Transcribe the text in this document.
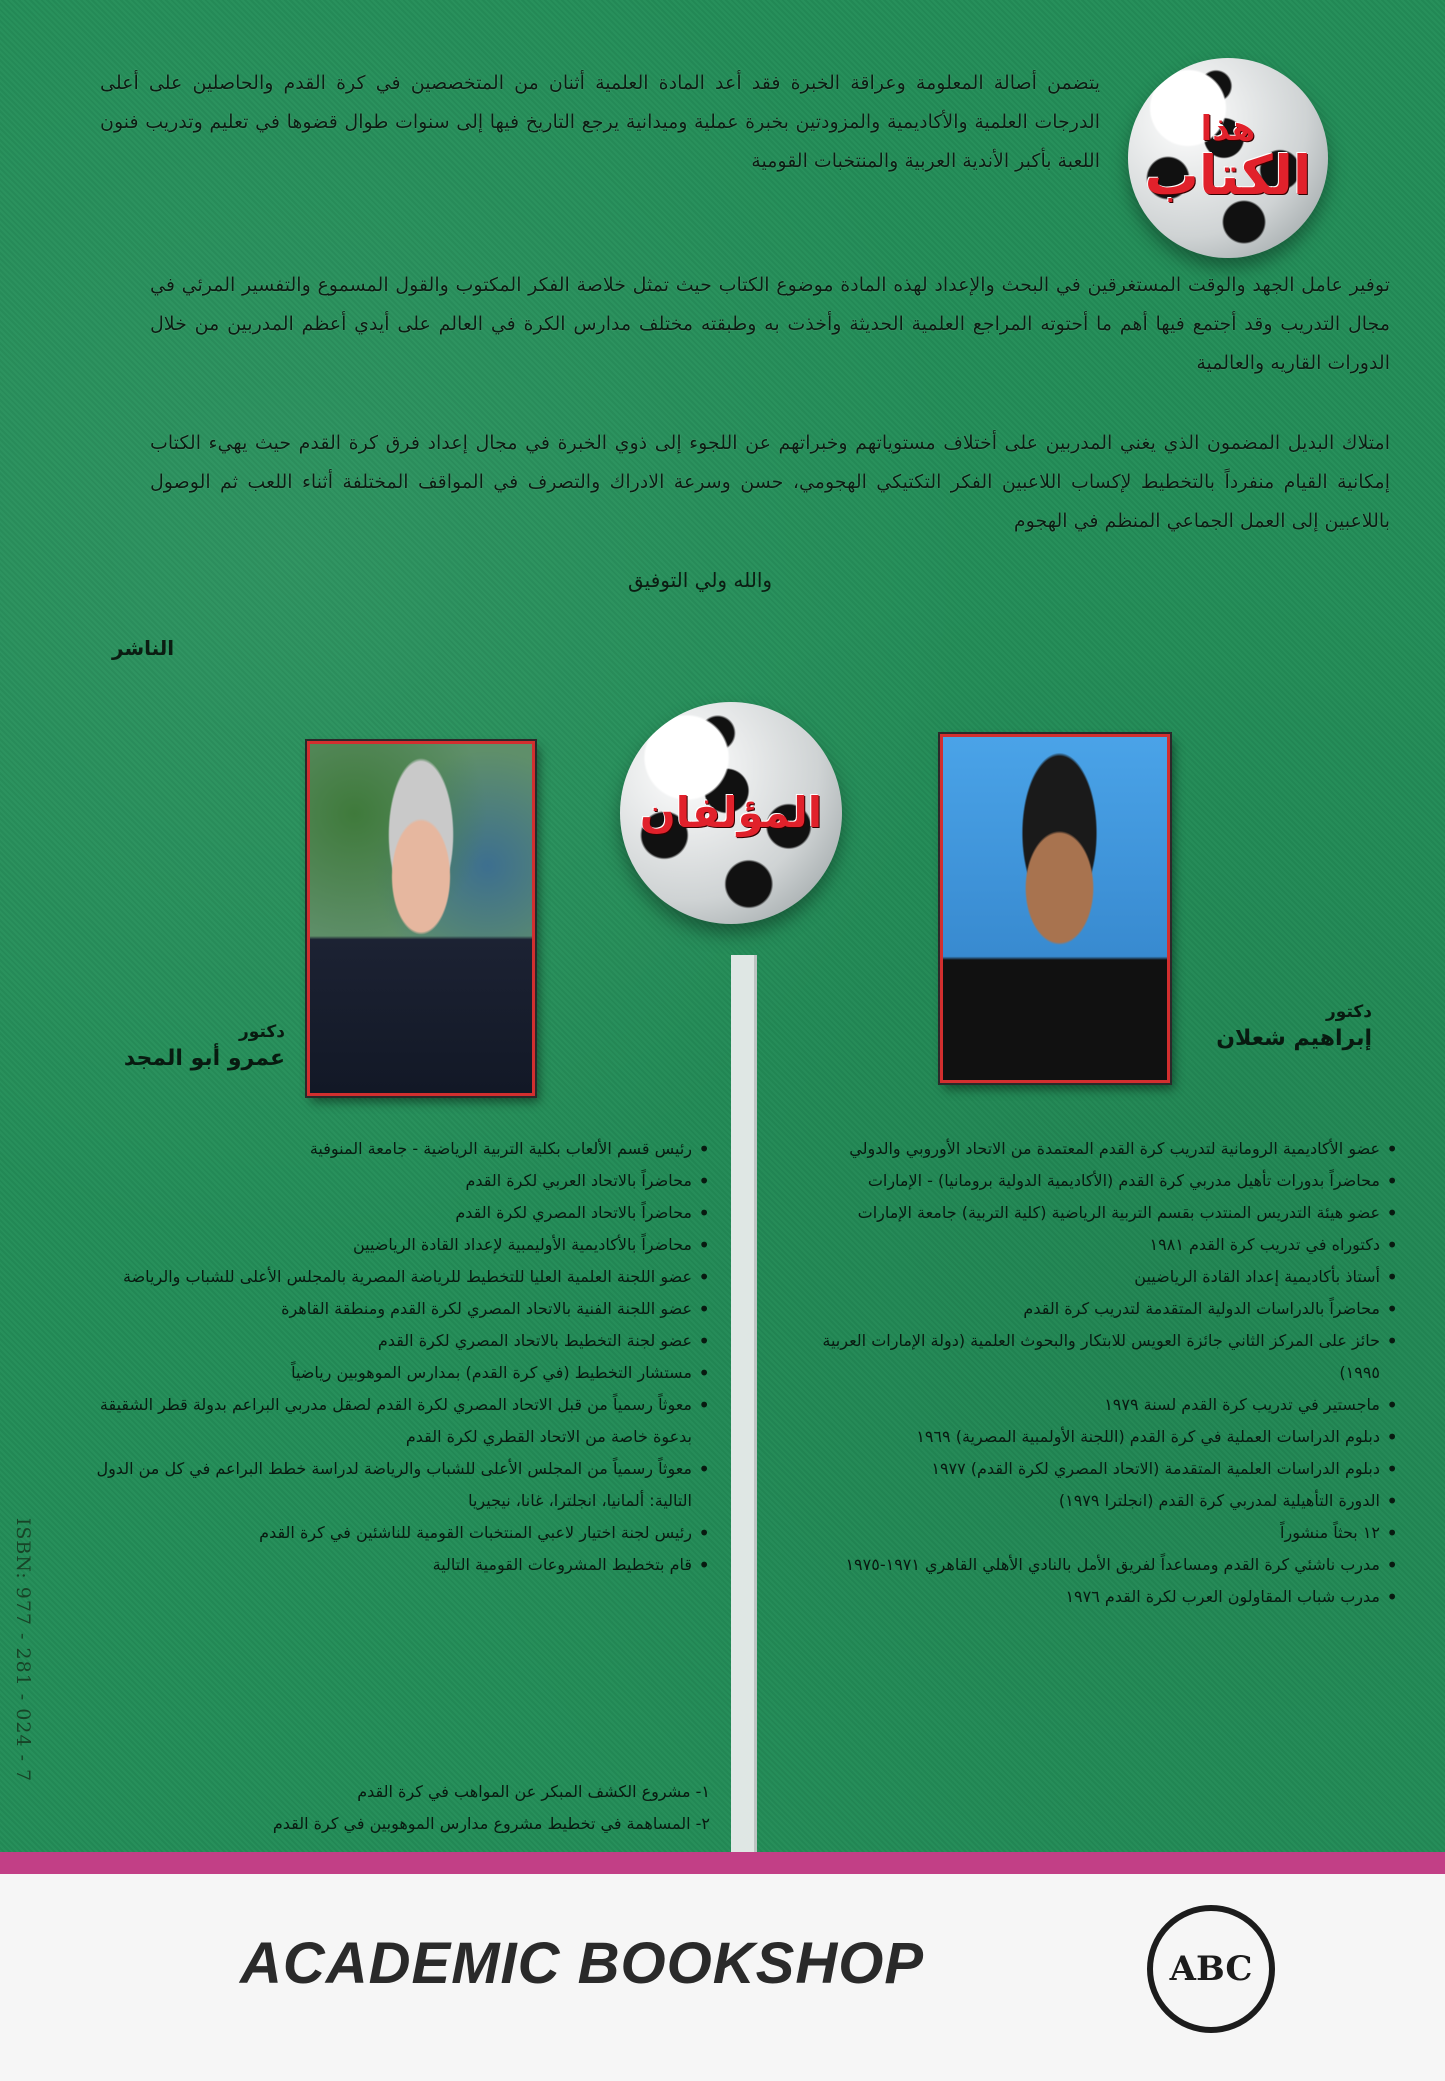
هذا
الكتاب
يتضمن أصالة المعلومة وعراقة الخبرة فقد أعد المادة العلمية أثنان من المتخصصين في كرة القدم والحاصلين على أعلى الدرجات العلمية والأكاديمية والمزودتين بخبرة عملية وميدانية يرجع التاريخ فيها إلى سنوات طوال قضوها في تعليم وتدريب فنون اللعبة بأكبر الأندية العربية والمنتخبات القومية
توفير عامل الجهد والوقت المستغرقين في البحث والإعداد لهذه المادة موضوع الكتاب حيث تمثل خلاصة الفكر المكتوب والقول المسموع والتفسير المرئي في مجال التدريب وقد أجتمع فيها أهم ما أحتوته المراجع العلمية الحديثة وأخذت به وطبقته مختلف مدارس الكرة في العالم على أيدي أعظم المدربين من خلال الدورات القاريه والعالمية
امتلاك البديل المضمون الذي يغني المدربين على أختلاف مستوياتهم وخبراتهم عن اللجوء إلى ذوي الخبرة في مجال إعداد فرق كرة القدم حيث يهيء الكتاب إمكانية القيام منفرداً بالتخطيط لإكساب اللاعبين الفكر التكتيكي الهجومي، حسن وسرعة الادراك والتصرف في المواقف المختلفة أثناء اللعب ثم الوصول باللاعبين إلى العمل الجماعي المنظم في الهجوم
والله ولي التوفيق
الناشر
المؤلفان
دكتور
عمرو أبو المجد
دكتور
إبراهيم شعلان
• رئيس قسم الألعاب بكلية التربية الرياضية - جامعة المنوفية
• محاضراً بالاتحاد العربي لكرة القدم
• محاضراً بالاتحاد المصري لكرة القدم
• محاضراً بالأكاديمية الأوليمبية لإعداد القادة الرياضيين
• عضو اللجنة العلمية العليا للتخطيط للرياضة المصرية بالمجلس الأعلى للشباب والرياضة
• عضو اللجنة الفنية بالاتحاد المصري لكرة القدم ومنطقة القاهرة
• عضو لجنة التخطيط بالاتحاد المصري لكرة القدم
• مستشار التخطيط (في كرة القدم) بمدارس الموهوبين رياضياً
• معوثاً رسمياً من قبل الاتحاد المصري لكرة القدم لصقل مدربي البراعم بدولة قطر الشقيقة بدعوة خاصة من الاتحاد القطري لكرة القدم
• معوثاً رسمياً من المجلس الأعلى للشباب والرياضة لدراسة خطط البراعم في كل من الدول التالية: ألمانيا، انجلترا، غانا، نيجيريا
• رئيس لجنة اختيار لاعبي المنتخبات القومية للناشئين في كرة القدم
• قام بتخطيط المشروعات القومية التالية
١- مشروع الكشف المبكر عن المواهب في كرة القدم
٢- المساهمة في تخطيط مشروع مدارس الموهوبين في كرة القدم
• عضو الأكاديمية الرومانية لتدريب كرة القدم المعتمدة من الاتحاد الأوروبي والدولي
• محاضراً بدورات تأهيل مدربي كرة القدم (الأكاديمية الدولية برومانيا) - الإمارات
• عضو هيئة التدريس المنتدب بقسم التربية الرياضية (كلية التربية) جامعة الإمارات
• دكتوراه في تدريب كرة القدم ١٩٨١
• أستاذ بأكاديمية إعداد القادة الرياضيين
• محاضراً بالدراسات الدولية المتقدمة لتدريب كرة القدم
• حائز على المركز الثاني جائزة العويس للابتكار والبحوث العلمية (دولة الإمارات العربية ١٩٩٥)
• ماجستير في تدريب كرة القدم لسنة ١٩٧٩
• دبلوم الدراسات العملية في كرة القدم (اللجنة الأولمبية المصرية) ١٩٦٩
• دبلوم الدراسات العلمية المتقدمة (الاتحاد المصري لكرة القدم) ١٩٧٧
• الدورة التأهيلية لمدربي كرة القدم (انجلترا ١٩٧٩)
• ١٢ بحثاً منشوراً
• مدرب ناشئي كرة القدم ومساعداً لفريق الأمل بالنادي الأهلي القاهري ١٩٧١-١٩٧٥
• مدرب شباب المقاولون العرب لكرة القدم ١٩٧٦
ISBN: 977 - 281 - 024 - 7
ACADEMIC BOOKSHOP	ABC
